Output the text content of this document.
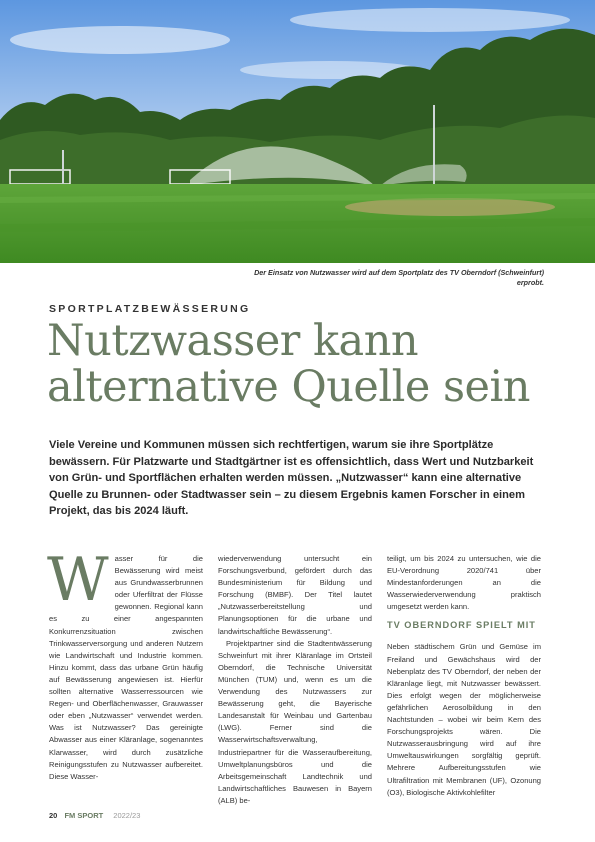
Der Einsatz von Nutzwasser wird auf dem Sportplatz des TV Oberndorf (Schweinfurt) erprobt.
SPORTPLATZBEWÄSSERUNG
Nutzwasser kann alternative Quelle sein

Viele Vereine und Kommunen müssen sich rechtfertigen, warum sie ihre Sportplätze bewässern. Für Platzwarte und Stadtgärtner ist es offensichtlich, dass Wert und Nutzbarkeit von Grün- und Sportflächen erhalten werden müssen. „Nutzwasser“ kann eine alternative Quelle zu Brunnen- oder Stadtwasser sein – zu diesem Ergebnis kamen Forscher in einem Projekt, das bis 2024 läuft.

W asser für die Bewässerung wird meist aus Grundwasserbrunnen oder Uferfiltrat der Flüsse gewonnen. Regional kann es zu einer angespannten Konkurrenzsituation zwischen Trinkwasserversorgung und anderen Nutzern wie Landwirtschaft und Industrie kommen. Hinzu kommt, dass das urbane Grün häufig auf Bewässerung angewiesen ist. Hierfür sollten alternative Wasserressourcen wie Regen- und Oberflächenwasser, Grauwasser oder eben „Nutzwasser“ verwendet werden. Was ist Nutzwasser? Das gereinigte Abwasser aus einer Kläranlage, sogenanntes Klarwasser, wird durch zusätzliche Reinigungsstufen zu Nutzwasser aufbereitet. Diese Wasser-

wiederverwendung untersucht ein Forschungsverbund, gefördert durch das Bundesministerium für Bildung und Forschung (BMBF). Der Titel lautet „Nutzwasserbereitstellung und Planungsoptionen für die urbane und landwirtschaftliche Bewässerung“.

Projektpartner sind die Stadtentwässerung Schweinfurt mit ihrer Kläranlage im Ortsteil Oberndorf, die Technische Universität München (TUM) und, wenn es um die Verwendung des Nutzwassers zur Bewässerung geht, die Bayerische Landesanstalt für Weinbau und Gartenbau (LWG). Ferner sind die Wasserwirtschaftsverwaltung, Industriepartner für die Wasseraufbereitung, Umweltplanungsbüros und die Arbeitsgemeinschaft Landtechnik und Landwirtschaftliches Bauwesen in Bayern (ALB) be-

teiligt, um bis 2024 zu untersuchen, wie die EU-Verordnung 2020/741 über Mindestanforderungen an die Wasserwiederverwendung praktisch umgesetzt werden kann.

TV OBERNDORF SPIELT MIT

Neben städtischem Grün und Gemüse im Freiland und Gewächshaus wird der Nebenplatz des TV Oberndorf, der neben der Kläranlage liegt, mit Nutzwasser bewässert. Dies erfolgt wegen der möglicherweise gefährlichen Aerosolbildung in den Nachtstunden – wobei wir beim Kern des Forschungsprojekts wären. Die Nutzwasserausbringung wird auf ihre Umweltauswirkungen sorgfältig geprüft. Mehrere Aufbereitungsstufen wie Ultrafiltration mit Membranen (UF), Ozonung (O3), Biologische Aktivkohlefilter

20 FM SPORT 2022/23
